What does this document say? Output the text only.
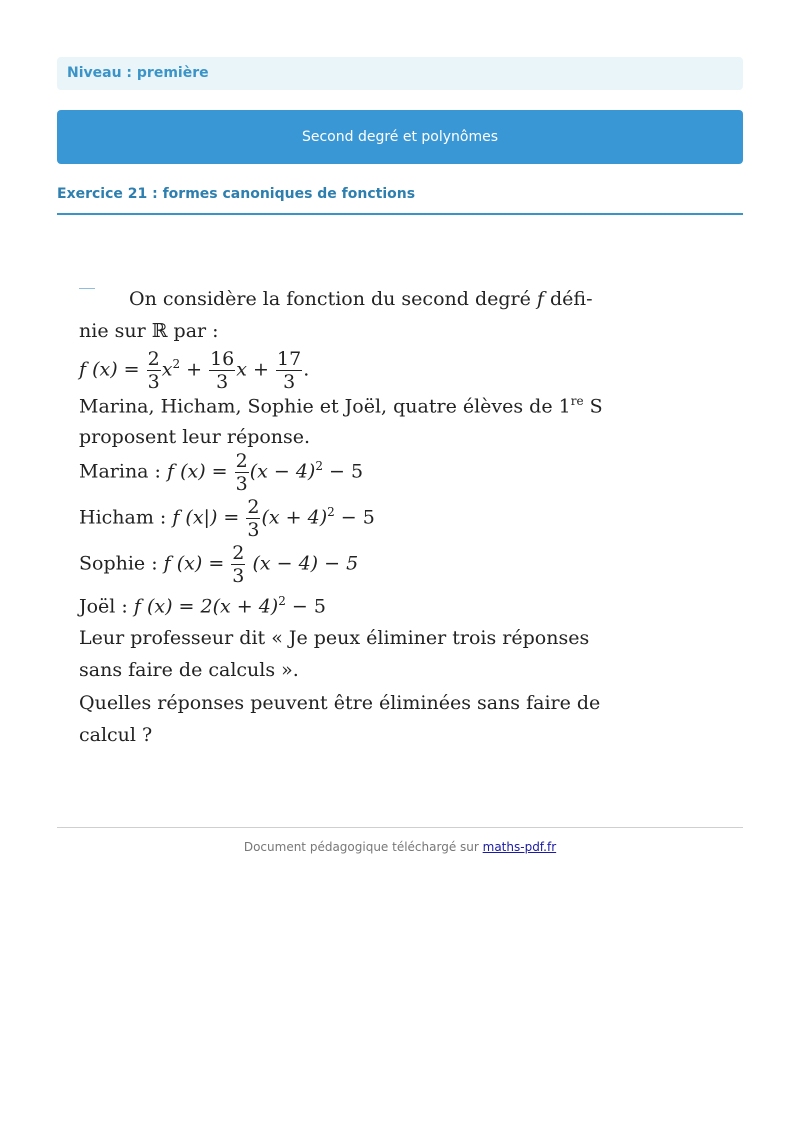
Niveau : première
Second degré et polynômes
Exercice 21 : formes canoniques de fonctions
On considère la fonction du second degré f défi-
nie sur ℝ par :
f $(x) = \frac{2}{3} x^2 + \frac{16}{3}$ $x + \frac{17}{3}$ .
Marina, Hicham, Sophie et Joël, quatre élèves de 1re S
proposent leur réponse.
Marina : f $(x) = \frac{2}{3} (x - 4)^2 - 5$
Hicham : f $(x|) = \frac{2}{3} (x + 4)^2 - 5$
Sophie : f $(x) = \frac{2}{3} (x - 4) - 5$
Joël : f $(x) = 2(x + 4)^2 - 5$
Leur professeur dit « Je peux éliminer trois réponses
sans faire de calculs ».
Quelles réponses peuvent être éliminées sans faire de
calcul ?
Document pédagogique téléchargé sur maths-pdf.fr
